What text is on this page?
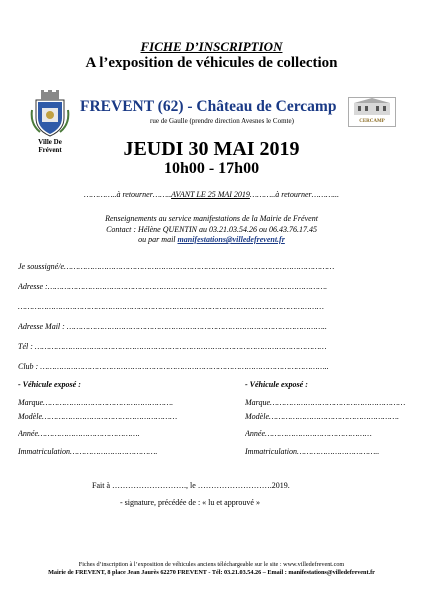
FICHE D’INSCRIPTION
A l’exposition de véhicules de collection
Ville De
Frévent
FREVENT (62) - Château de Cercamp
CERCAMP
rue de Gaulle (prendre direction Avesnes le Comte)
JEUDI 30 MAI 2019
10h00 - 17h00
…………..à retourner……..AVANT LE 25 MAI 2019………..à retourner………...
Renseignements au service manifestations de la Mairie de Frévent
Contact : Hélène QUENTIN au 03.21.03.54.26 ou 06.43.76.17.45
ou par mail manifestations@villedefrevent.fr
Je soussigné/e……………………………………………………………………………………………………
Adresse :……………………………………………………………………………………………………….
…………………………………………………………………………………………………………………
Adresse Mail : ………………………………………………………………………………………………..
Tél : ……………………………………………………………………………………………………………
Club : …………………………………………………………………………………………………………..
- Véhicule exposé :
Marque……………………………………………….
Modèle…………………………………………………
Année…………………………………….
Immatriculation……………………………….
- Véhicule exposé :
Marque…………………………………………………
Modèle……………………………………………….
Année………………………………………
Immatriculation……………………………..
Fait à ………………………., le ……………………….2019.
- signature, précédée de : « lu et approuvé »
Fiches d’inscription à l’exposition de véhicules anciens téléchargeable sur le site : www.villedefrevent.com
Mairie de FREVENT, 8 place Jean Jaurès 62270 FREVENT - Tél: 03.21.03.54.26 – Email : manifestations@villedefrevent.fr
